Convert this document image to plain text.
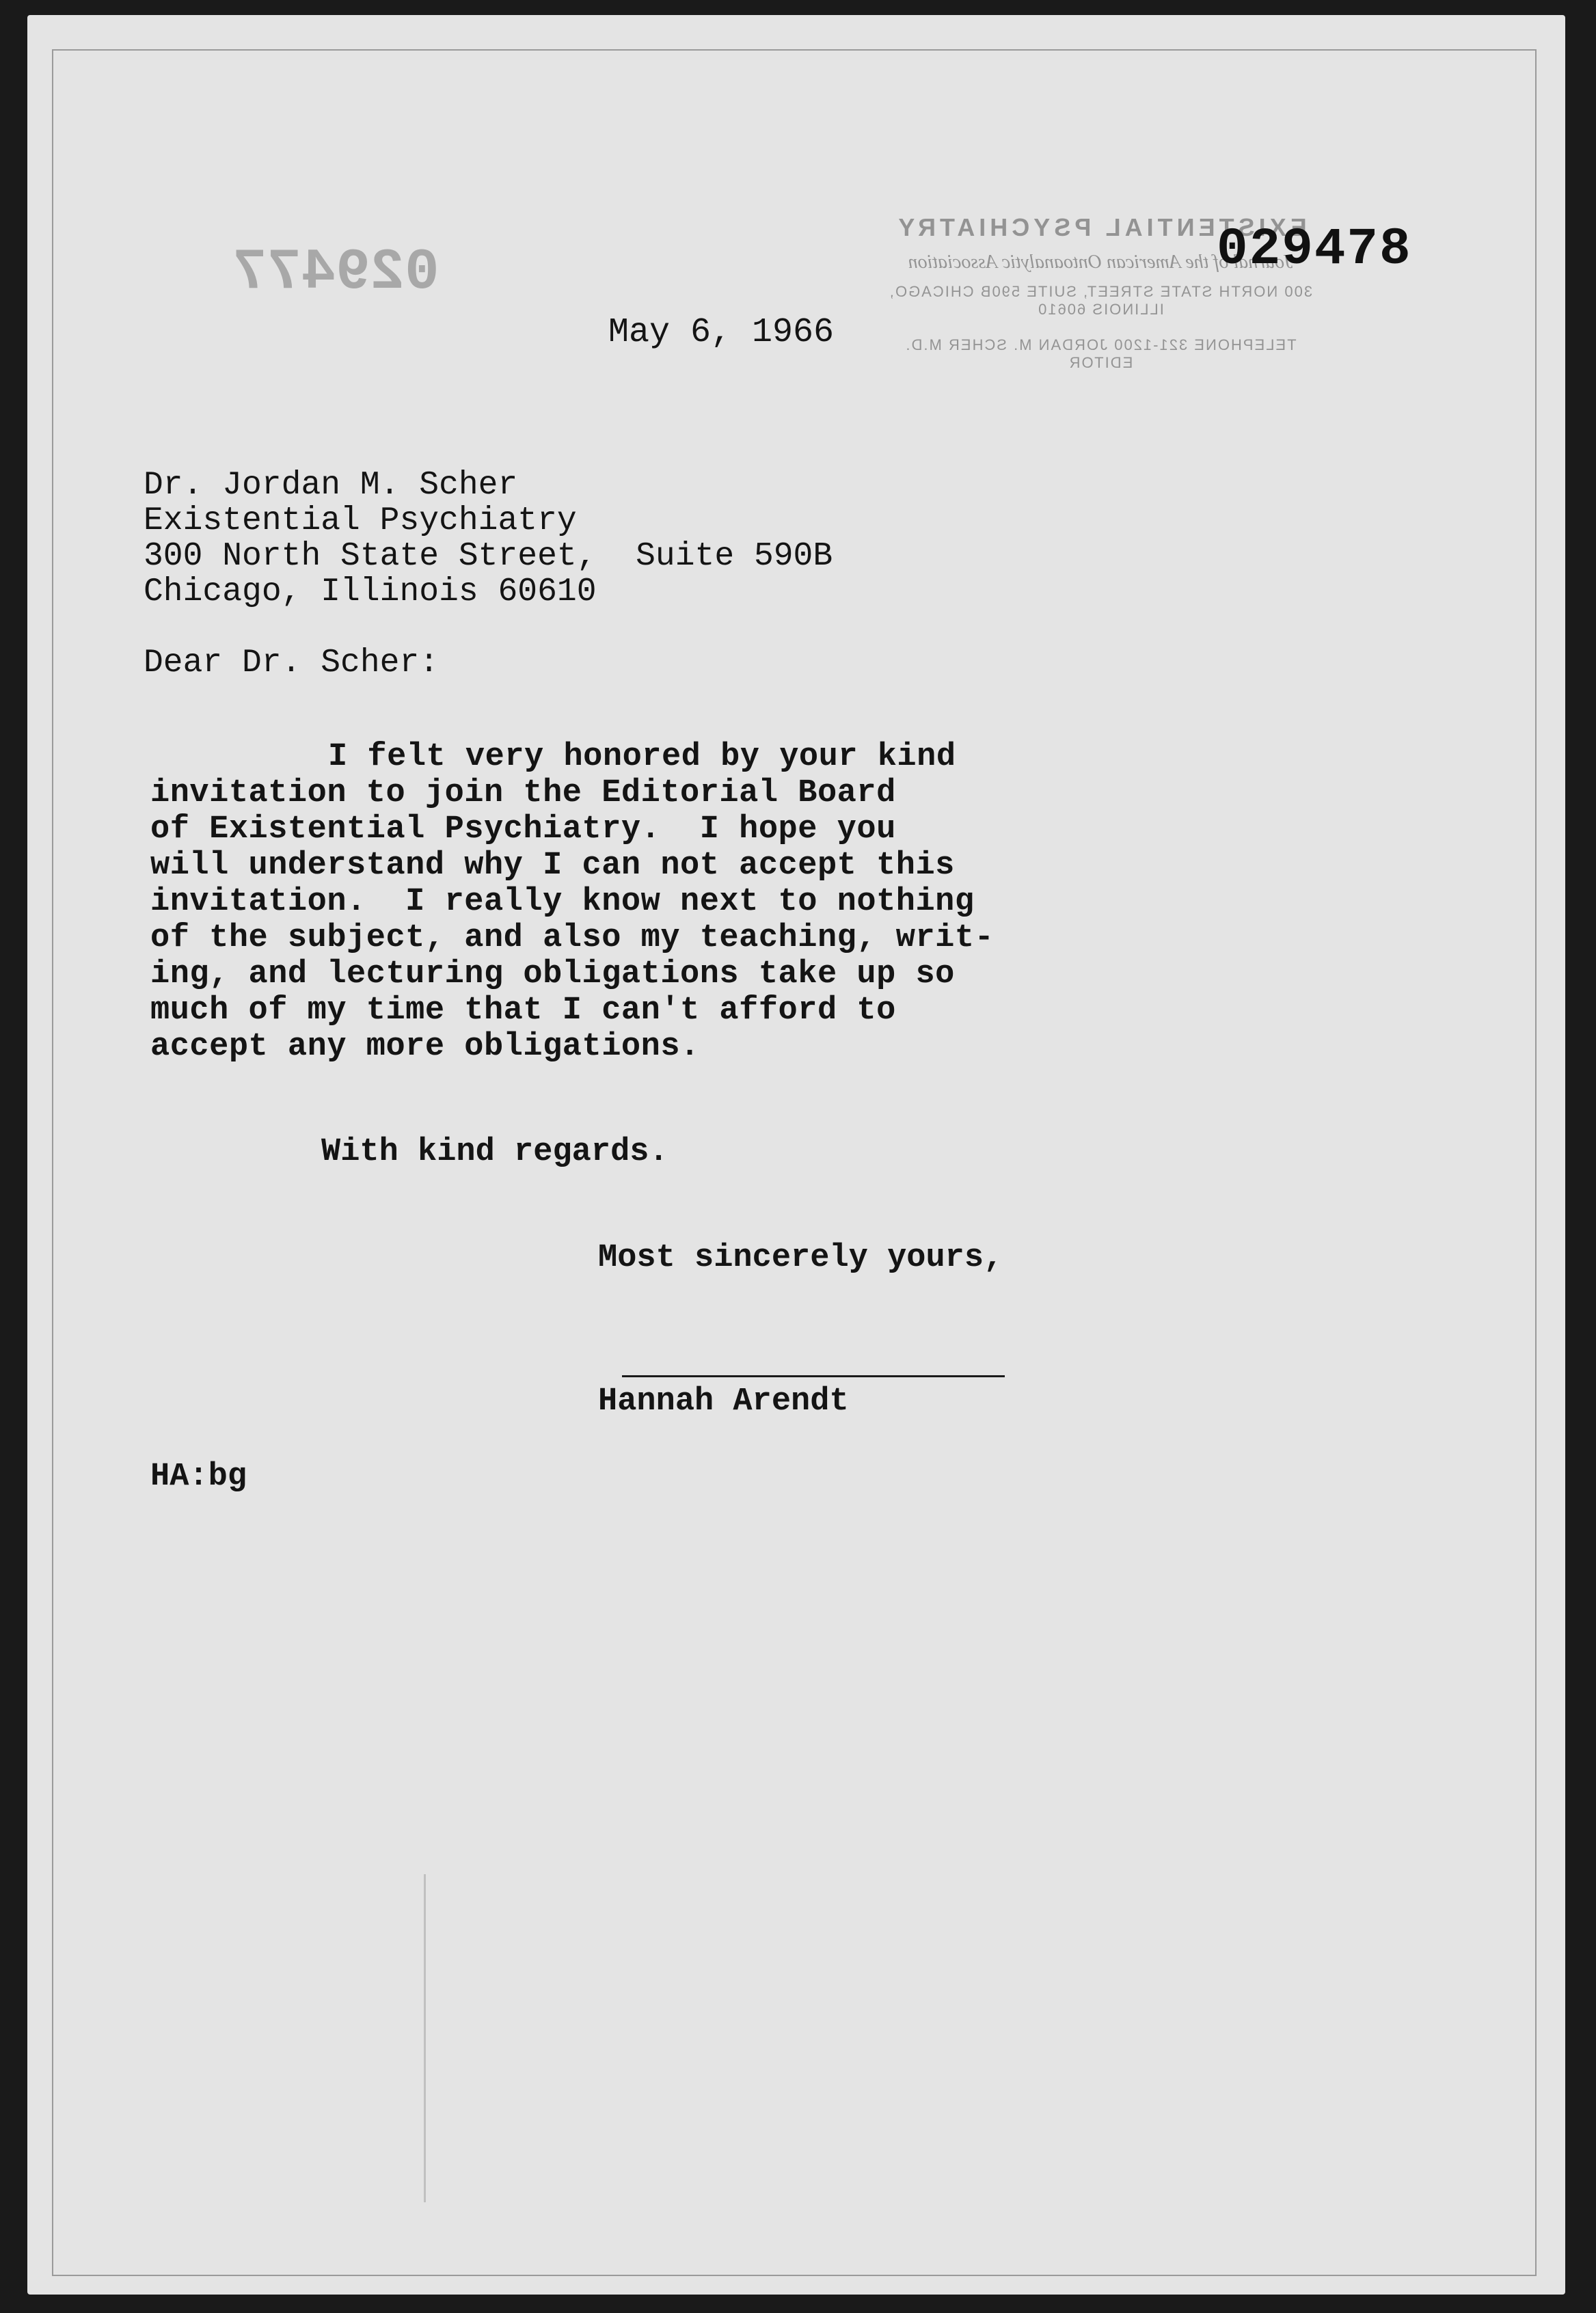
029477
EXISTENTIAL PSYCHIATRY
Journal of the American Ontoanalytic Association
300 NORTH STATE STREET, SUITE 590B CHICAGO, ILLINOIS 60610
TELEPHONE 321-1200 JORDAN M. SCHER M.D. EDITOR
029478
May 6, 1966
Dr. Jordan M. Scher
Existential Psychiatry
300 North State Street,  Suite 590B
Chicago, Illinois 60610
Dear Dr. Scher:
I felt very honored by your kind
invitation to join the Editorial Board
of Existential Psychiatry.  I hope you
will understand why I can not accept this
invitation.  I really know next to nothing
of the subject, and also my teaching, writ-
ing, and lecturing obligations take up so
much of my time that I can't afford to
accept any more obligations.
With kind regards.
Most sincerely yours,
Hannah Arendt
HA:bg
